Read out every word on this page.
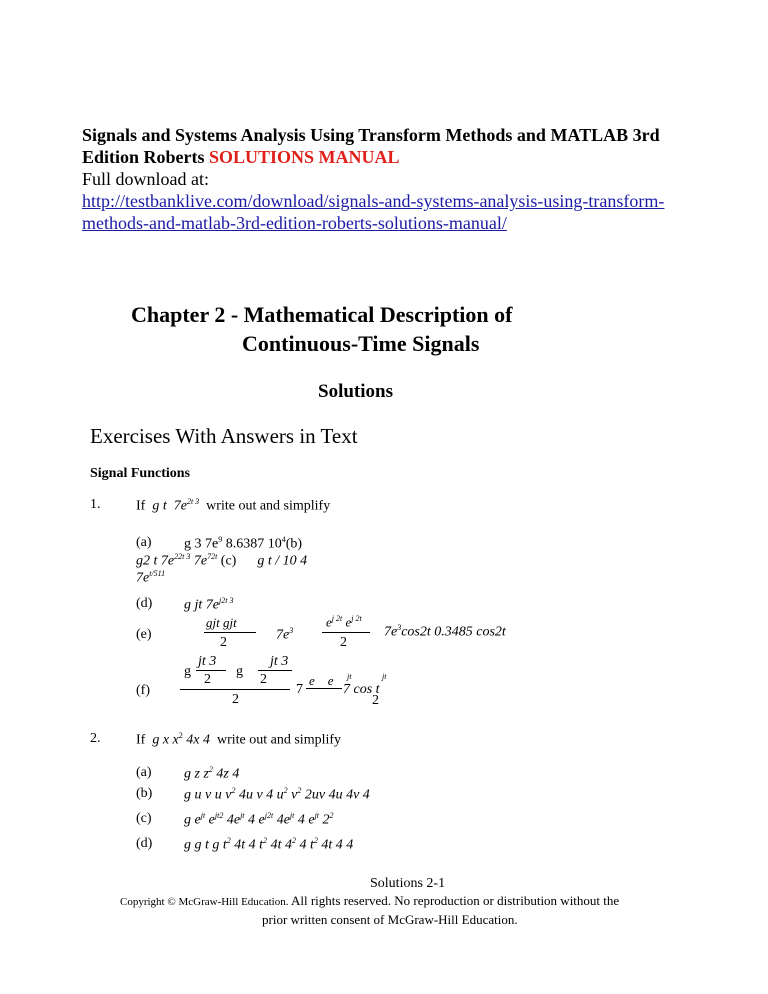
Signals and Systems Analysis Using Transform Methods and MATLAB 3rd
Edition Roberts SOLUTIONS MANUAL
Full download at:
http://testbanklive.com/download/signals-and-systems-analysis-using-transform-
methods-and-matlab-3rd-edition-roberts-solutions-manual/
Chapter 2 - Mathematical Description of
Continuous-Time Signals
Solutions
Exercises With Answers in Text
Signal Functions
1.	If g t $7e^{2t 3}$ write out and simplify
(a) g 3 $7e^9$ 8.6387 $10^4(b)$
g2 t $7e^{22t 3}$ $7e^{72t}$ (c) g t / 10 4
$7e^{t/511}$
(d) g jt $7e^{j2t 3}$
(e)
gjt gjt
2	$7e^3$
$e^{j 2t}$ $e^{j 2t}$
2
$7e^3\cos 2t$ 0.3485 cos2t
(f)
g
jt 3
2
g
jt 3
2
2
7
e e jt	jt
7 cos t
2
2.	If g x $x^2$ 4x 4 write out and simplify
(a) g z $z^2$ 4z 4
(b) g u v u $v^2$ 4u v 4 $u^2$ $v^2$ 2uv 4u 4v 4
(c) g $e^{jt}$ $e^{jt2}$ $4e^{jt}$ 4 $e^{j2t}$ $4e^{jt}$ 4 $e^{jt}$ $2^2$
(d) g g t g $t^2$ 4t 4 $t^2$ 4t $4^2$ 4 $t^2$ 4t 4 4
Solutions 2-1
Copyright © McGraw-Hill Education. All rights reserved. No reproduction or distribution without the
prior written consent of McGraw-Hill Education.
